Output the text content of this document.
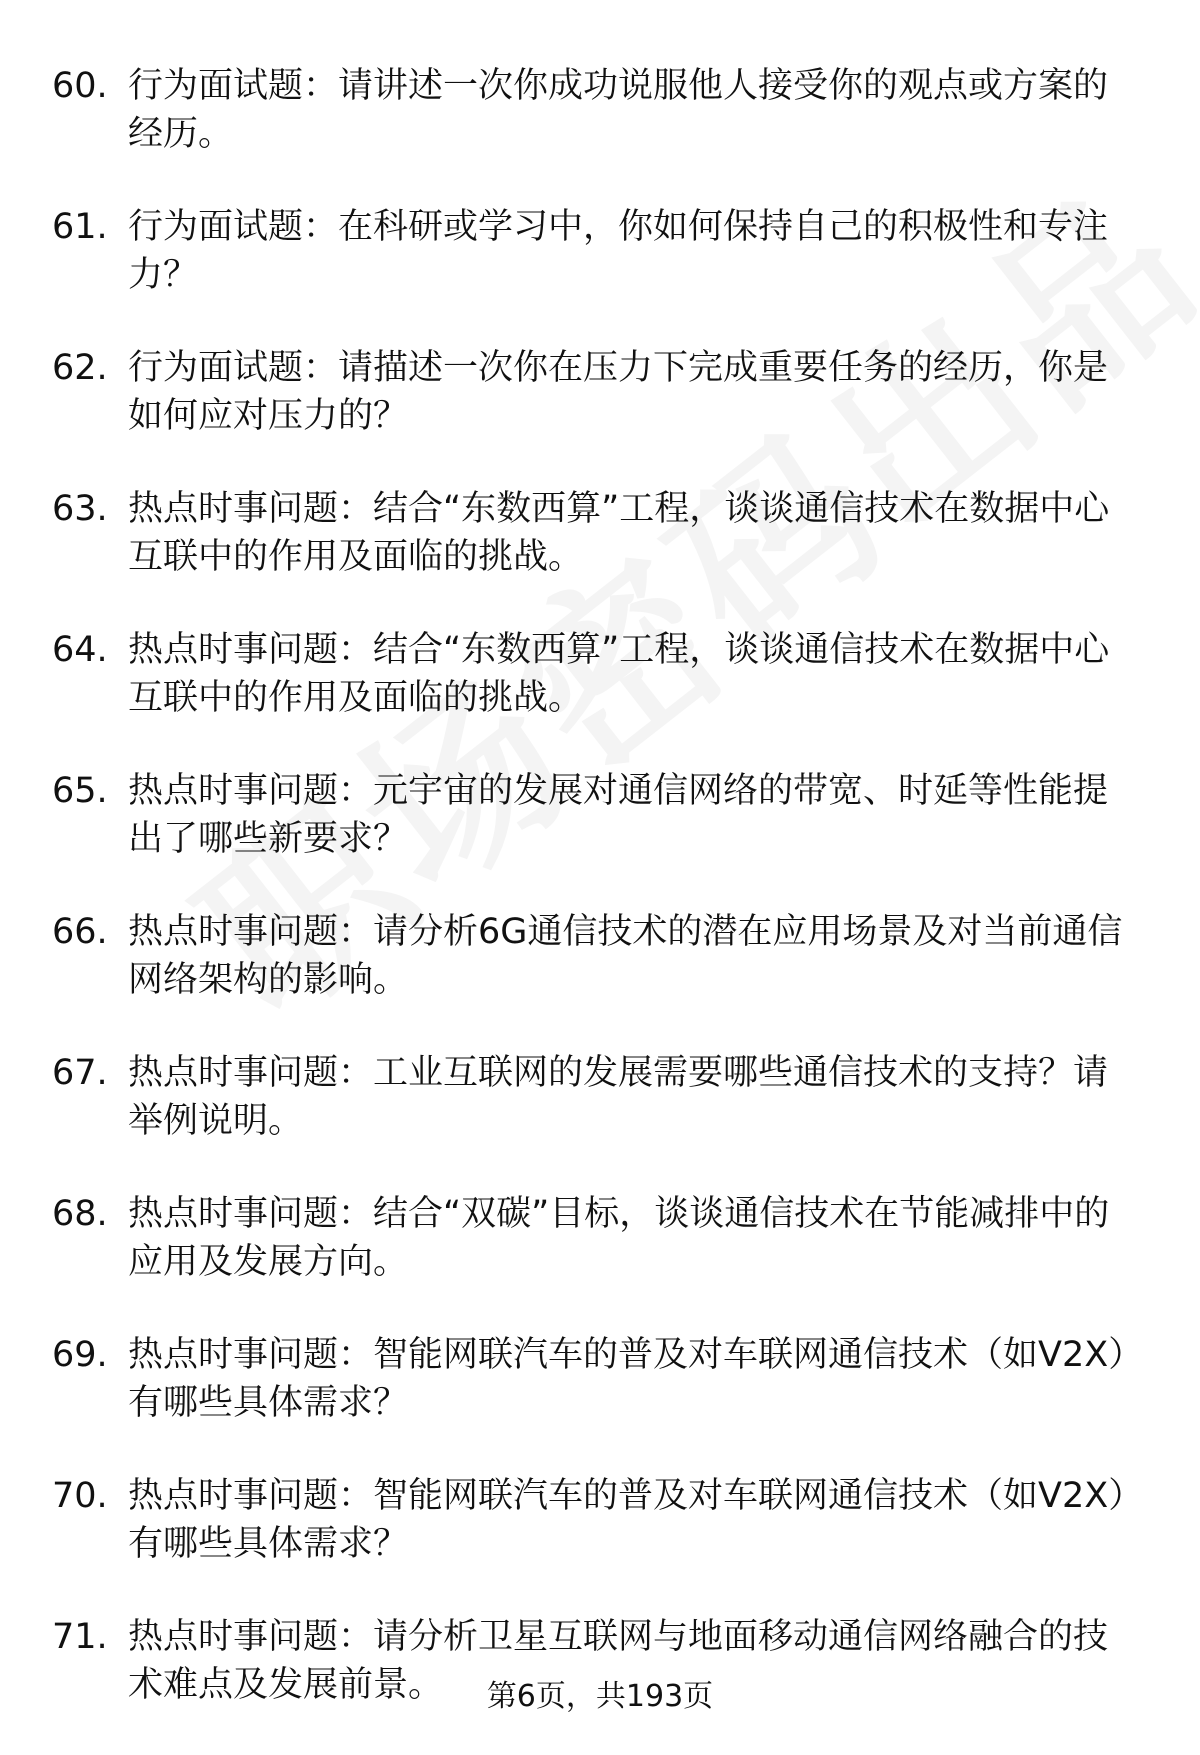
60. 行为面试题：请讲述一次你成功说服他人接受你的观点或方案的经历。
61. 行为面试题：在科研或学习中，你如何保持自己的积极性和专注力？
62. 行为面试题：请描述一次你在压力下完成重要任务的经历，你是如何应对压力的？
63. 热点时事问题：结合“东数西算”工程，谈谈通信技术在数据中心互联中的作用及面临的挑战。
64. 热点时事问题：结合“东数西算”工程，谈谈通信技术在数据中心互联中的作用及面临的挑战。
65. 热点时事问题：元宇宙的发展对通信网络的带宽、时延等性能提出了哪些新要求？
66. 热点时事问题：请分析6G通信技术的潜在应用场景及对当前通信网络架构的影响。
67. 热点时事问题：工业互联网的发展需要哪些通信技术的支持？请举例说明。
68. 热点时事问题：结合“双碳”目标，谈谈通信技术在节能减排中的应用及发展方向。
69. 热点时事问题：智能网联汽车的普及对车联网通信技术（如V2X）有哪些具体需求？
70. 热点时事问题：智能网联汽车的普及对车联网通信技术（如V2X）有哪些具体需求？
71. 热点时事问题：请分析卫星互联网与地面移动通信网络融合的技术难点及发展前景。	第6页，共193页
